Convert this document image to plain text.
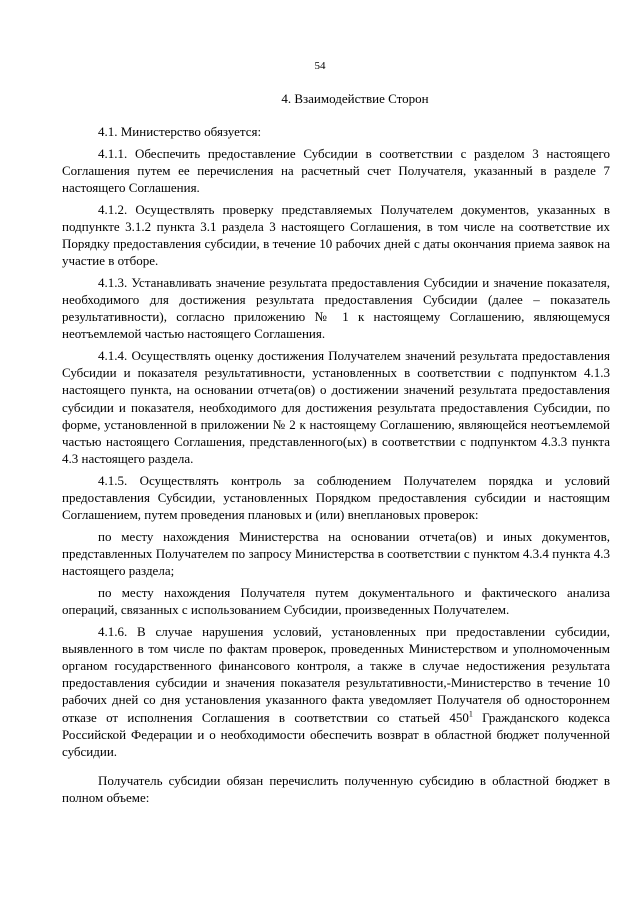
54
4. Взаимодействие Сторон

4.1. Министерство обязуется:

4.1.1. Обеспечить предоставление Субсидии в соответствии с разделом 3 настоящего Соглашения путем ее перечисления на расчетный счет Получателя, указанный в разделе 7 настоящего Соглашения.

4.1.2. Осуществлять проверку представляемых Получателем документов, указанных в подпункте 3.1.2 пункта 3.1 раздела 3 настоящего Соглашения, в том числе на соответствие их Порядку предоставления субсидии, в течение 10 рабочих дней с даты окончания приема заявок на участие в отборе.

4.1.3. Устанавливать значение результата предоставления Субсидии и значение показателя, необходимого для достижения результата предоставления Субсидии (далее – показатель результативности), согласно приложению № 1 к настоящему Соглашению, являющемуся неотъемлемой частью настоящего Соглашения.

4.1.4. Осуществлять оценку достижения Получателем значений результата предоставления Субсидии и показателя результативности, установленных в соответствии с подпунктом 4.1.3 настоящего пункта, на основании отчета(ов) о достижении значений результата предоставления субсидии и показателя, необходимого для достижения результата предоставления Субсидии, по форме, установленной в приложении № 2 к настоящему Соглашению, являющейся неотъемлемой частью настоящего Соглашения, представленного(ых) в соответствии с подпунктом 4.3.3 пункта 4.3 настоящего раздела.

4.1.5. Осуществлять контроль за соблюдением Получателем порядка и условий предоставления Субсидии, установленных Порядком предоставления субсидии и настоящим Соглашением, путем проведения плановых и (или) внеплановых проверок:

по месту нахождения Министерства на основании отчета(ов) и иных документов, представленных Получателем по запросу Министерства в соответствии с пунктом 4.3.4 пункта 4.3 настоящего раздела;

по месту нахождения Получателя путем документального и фактического анализа операций, связанных с использованием Субсидии, произведенных Получателем.

4.1.6. В случае нарушения условий, установленных при предоставлении субсидии, выявленного в том числе по фактам проверок, проведенных Министерством и уполномоченным органом государственного финансового контроля, а также в случае недостижения результата предоставления субсидии и значения показателя результативности,-Министерство в течение 10 рабочих дней со дня установления указанного факта уведомляет Получателя об одностороннем отказе от исполнения Соглашения в соответствии со статьей $450^1$ Гражданского кодекса Российской Федерации и о необходимости обеспечить возврат в областной бюджет полученной субсидии.

Получатель субсидии обязан перечислить полученную субсидию в областной бюджет в полном объеме:
